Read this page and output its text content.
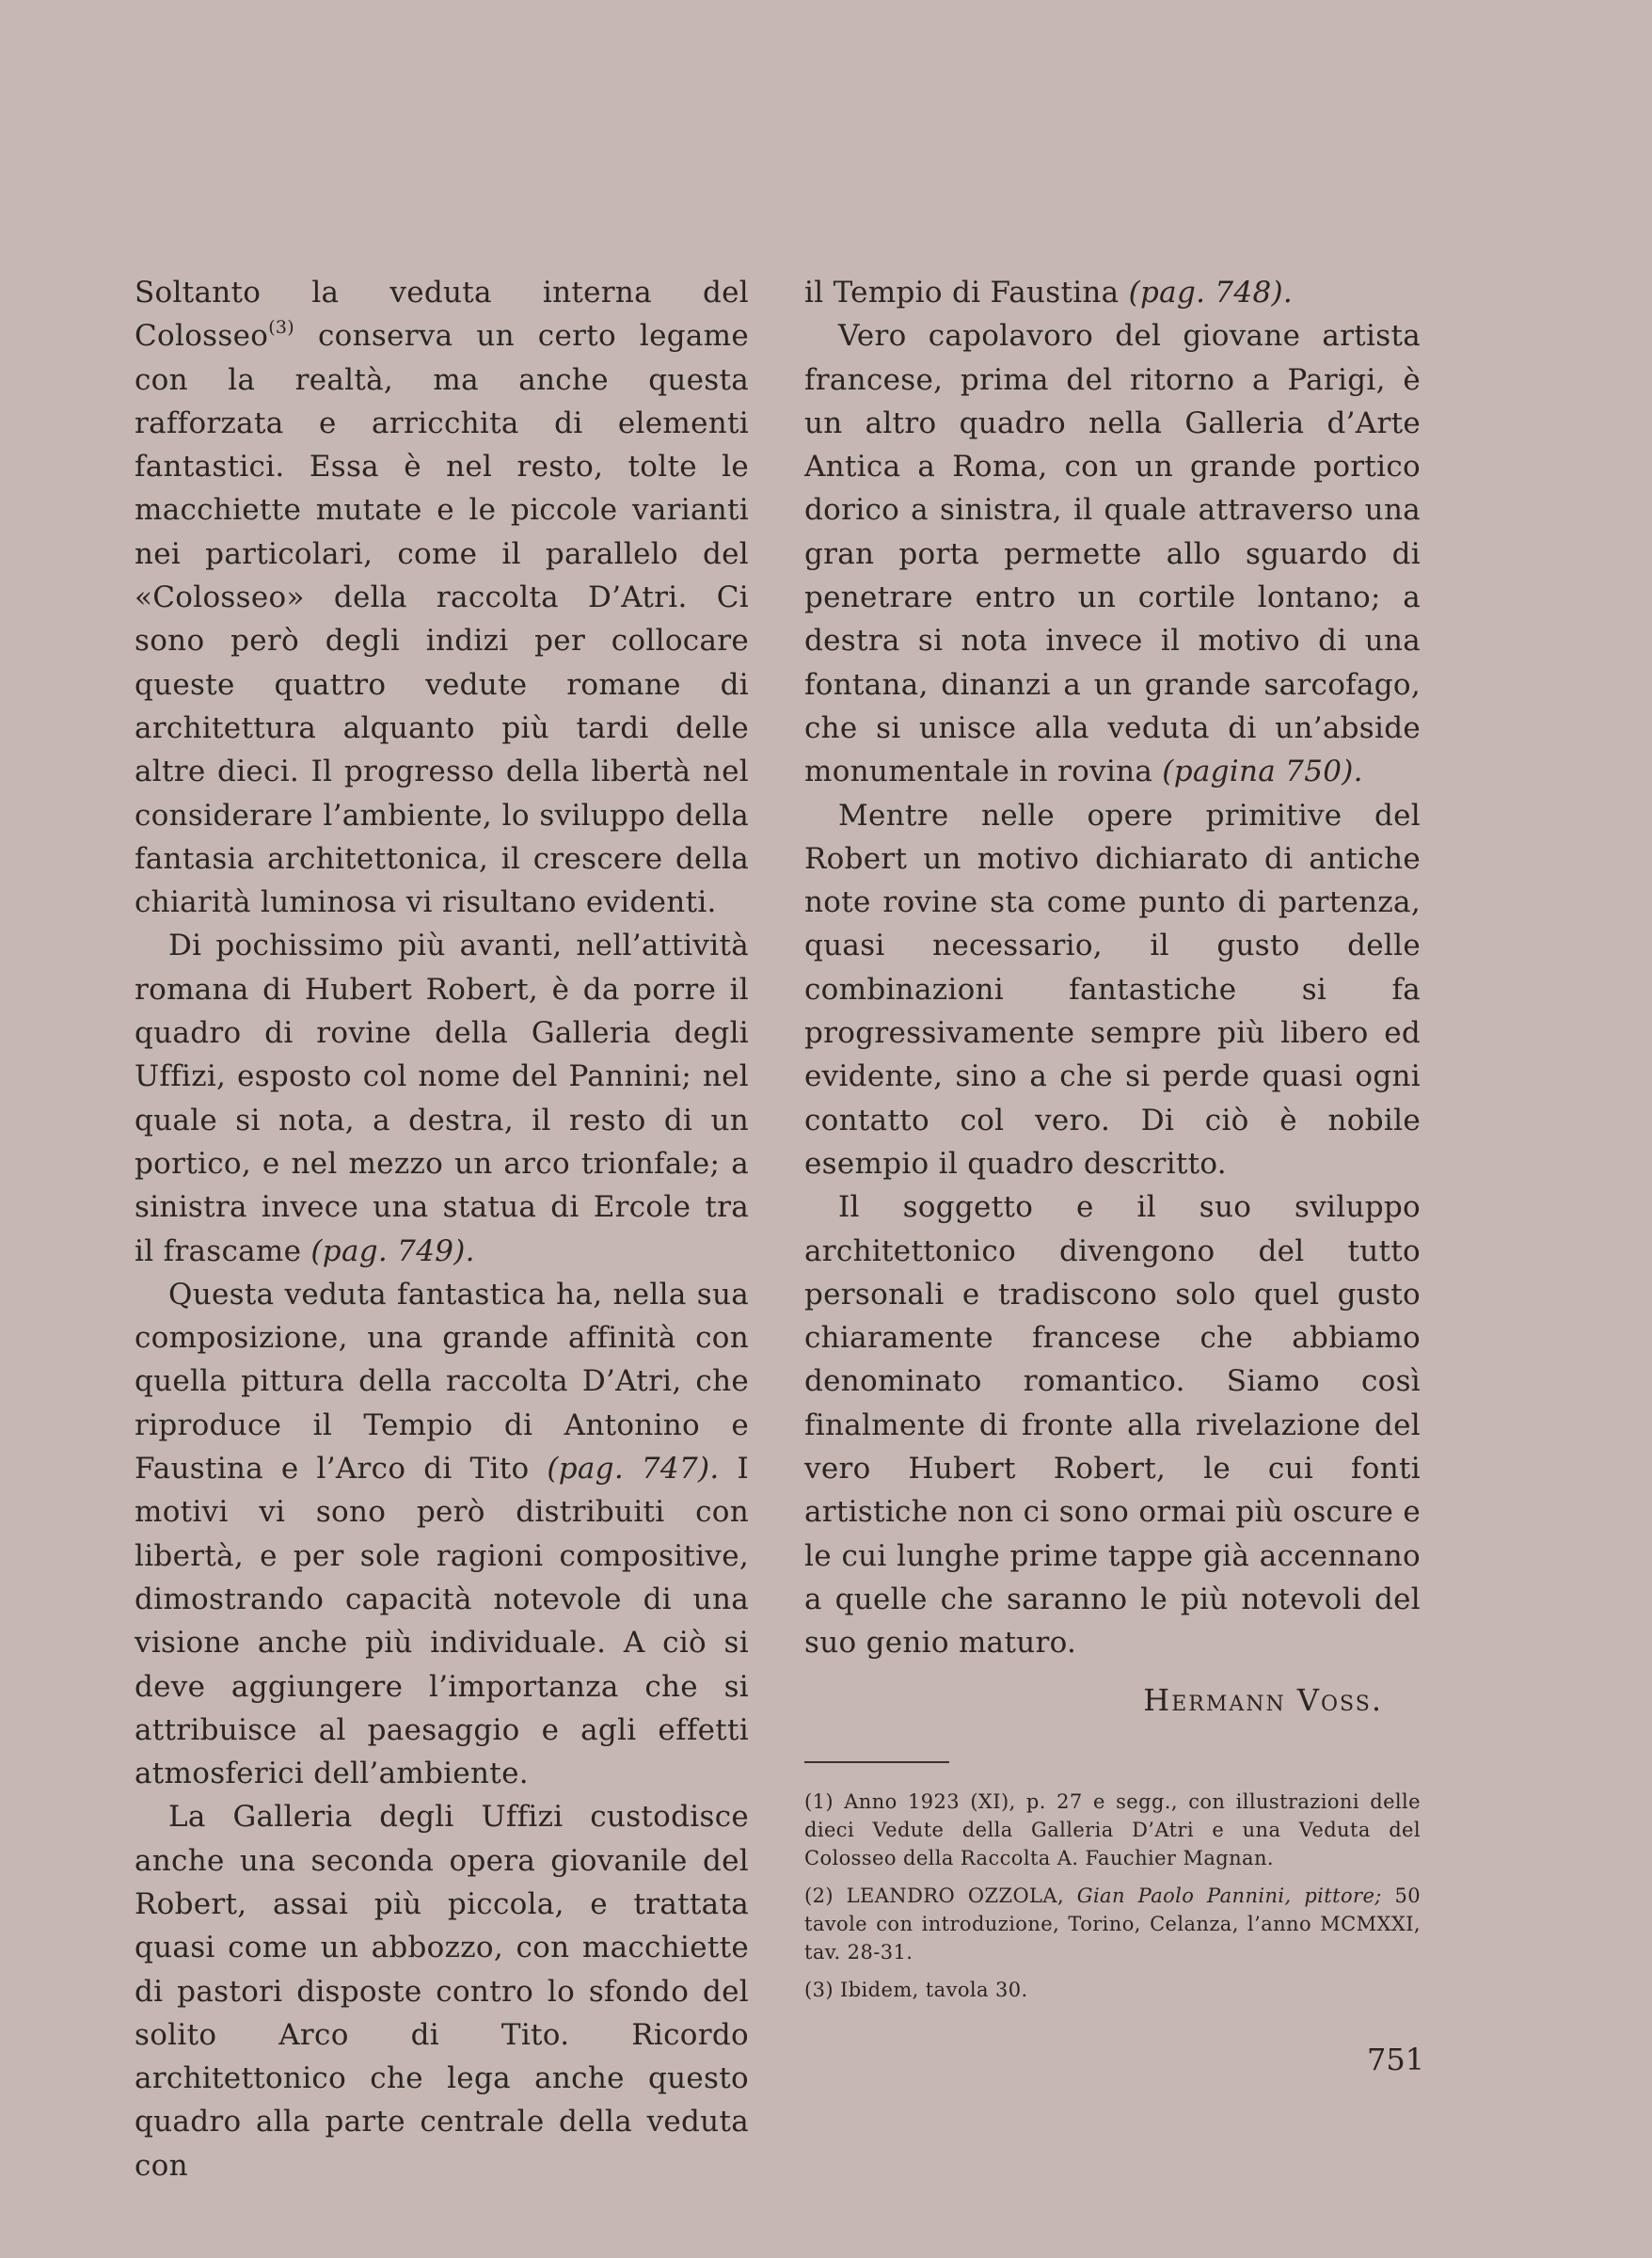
Soltanto la veduta interna del Colosseo$^{(3)}$ conserva un certo legame con la realtà, ma anche questa rafforzata e arricchita di elementi fantastici. Essa è nel resto, tolte le macchiette mutate e le piccole varianti nei particolari, come il parallelo del «Colosseo» della raccolta D’Atri. Ci sono però degli indizi per collocare queste quattro vedute romane di architettura alquanto più tardi delle altre dieci. Il progresso della libertà nel considerare l’ambiente, lo sviluppo della fantasia architettonica, il crescere della chiarità luminosa vi risultano evidenti.

Di pochissimo più avanti, nell’attività romana di Hubert Robert, è da porre il quadro di rovine della Galleria degli Uffizi, esposto col nome del Pannini; nel quale si nota, a destra, il resto di un portico, e nel mezzo un arco trionfale; a sinistra invece una statua di Ercole tra il frascame (pag. 749).

Questa veduta fantastica ha, nella sua composizione, una grande affinità con quella pittura della raccolta D’Atri, che riproduce il Tempio di Antonino e Faustina e l’Arco di Tito (pag. 747). I motivi vi sono però distribuiti con libertà, e per sole ragioni compositive, dimostrando capacità notevole di una visione anche più individuale. A ciò si deve aggiungere l’importanza che si attribuisce al paesaggio e agli effetti atmosferici dell’ambiente.

La Galleria degli Uffizi custodisce anche una seconda opera giovanile del Robert, assai più piccola, e trattata quasi come un abbozzo, con macchiette di pastori disposte contro lo sfondo del solito Arco di Tito. Ricordo architettonico che lega anche questo quadro alla parte centrale della veduta con

il Tempio di Faustina (pag. 748).

Vero capolavoro del giovane artista francese, prima del ritorno a Parigi, è un altro quadro nella Galleria d’Arte Antica a Roma, con un grande portico dorico a sinistra, il quale attraverso una gran porta permette allo sguardo di penetrare entro un cortile lontano; a destra si nota invece il motivo di una fontana, dinanzi a un grande sarcofago, che si unisce alla veduta di un’abside monumentale in rovina (pagina 750).

Mentre nelle opere primitive del Robert un motivo dichiarato di antiche note rovine sta come punto di partenza, quasi necessario, il gusto delle combinazioni fantastiche si fa progressivamente sempre più libero ed evidente, sino a che si perde quasi ogni contatto col vero. Di ciò è nobile esempio il quadro descritto.

Il soggetto e il suo sviluppo architettonico divengono del tutto personali e tradiscono solo quel gusto chiaramente francese che abbiamo denominato romantico. Siamo così finalmente di fronte alla rivelazione del vero Hubert Robert, le cui fonti artistiche non ci sono ormai più oscure e le cui lunghe prime tappe già accennano a quelle che saranno le più notevoli del suo genio maturo.

Hermann Voss.

(1) Anno 1923 (XI), p. 27 e segg., con illustrazioni delle dieci Vedute della Galleria D’Atri e una Veduta del Colosseo della Raccolta A. Fauchier Magnan.

(2) LEANDRO OZZOLA, Gian Paolo Pannini, pittore; 50 tavole con introduzione, Torino, Celanza, l’anno MCMXXI, tav. 28-31.

(3) Ibidem, tavola 30.

751
